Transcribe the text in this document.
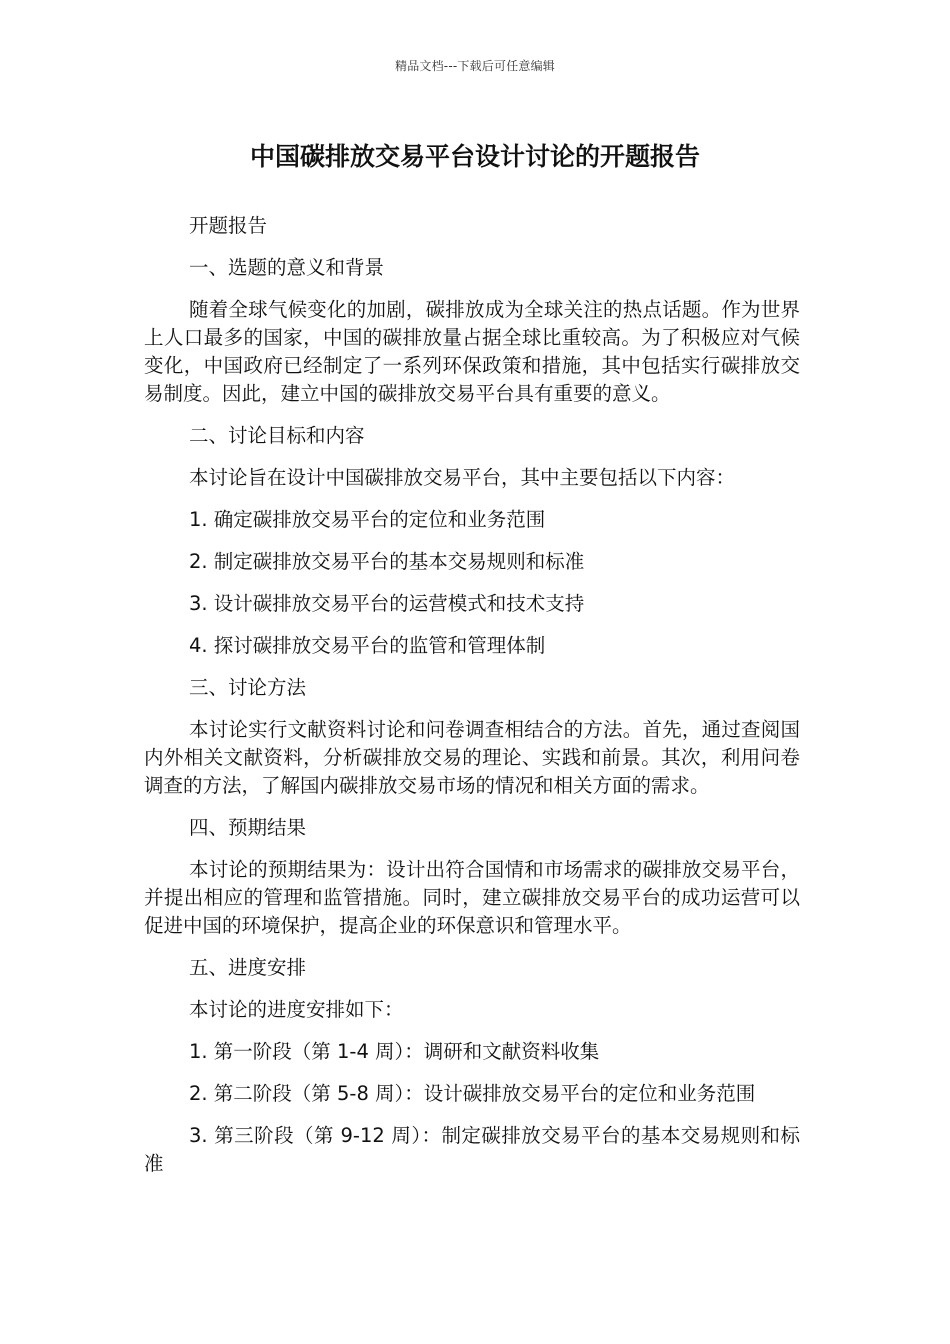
精品文档---下载后可任意编辑
中国碳排放交易平台设计讨论的开题报告

开题报告

一、选题的意义和背景

随着全球气候变化的加剧，碳排放成为全球关注的热点话题。作为世界上人口最多的国家，中国的碳排放量占据全球比重较高。为了积极应对气候变化，中国政府已经制定了一系列环保政策和措施，其中包括实行碳排放交易制度。因此，建立中国的碳排放交易平台具有重要的意义。

二、讨论目标和内容

本讨论旨在设计中国碳排放交易平台，其中主要包括以下内容：

1. 确定碳排放交易平台的定位和业务范围

2. 制定碳排放交易平台的基本交易规则和标准

3. 设计碳排放交易平台的运营模式和技术支持

4. 探讨碳排放交易平台的监管和管理体制

三、讨论方法

本讨论实行文献资料讨论和问卷调查相结合的方法。首先，通过查阅国内外相关文献资料，分析碳排放交易的理论、实践和前景。其次，利用问卷调查的方法，了解国内碳排放交易市场的情况和相关方面的需求。

四、预期结果

本讨论的预期结果为：设计出符合国情和市场需求的碳排放交易平台，并提出相应的管理和监管措施。同时，建立碳排放交易平台的成功运营可以促进中国的环境保护，提高企业的环保意识和管理水平。

五、进度安排

本讨论的进度安排如下：

1. 第一阶段（第 1-4 周）：调研和文献资料收集

2. 第二阶段（第 5-8 周）：设计碳排放交易平台的定位和业务范围

3. 第三阶段（第 9-12 周）：制定碳排放交易平台的基本交易规则和标准
